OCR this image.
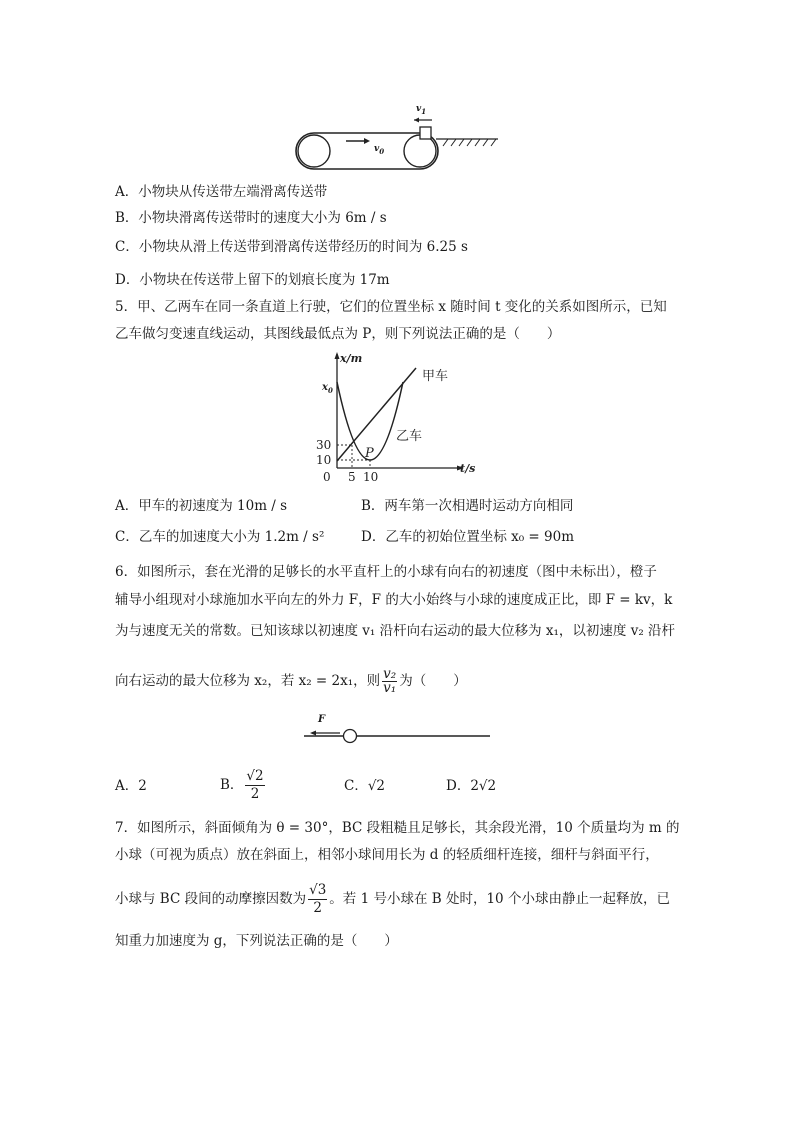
$v_1$
$v_0$
A．小物块从传送带左端滑离传送带
B．小物块滑离传送带时的速度大小为 6m / s
C．小物块从滑上传送带到滑离传送带经历的时间为 6.25 s
D．小物块在传送带上留下的划痕长度为 17m
5．甲、乙两车在同一条直道上行驶，它们的位置坐标 x 随时间 t 变化的关系如图所示，已知
乙车做匀变速直线运动，其图线最低点为 P，则下列说法正确的是（　　）
x/m
$x_0$
30
10
0 5 10
t/s
P
甲车
乙车
A．甲车的初速度为 10m / s	B．两车第一次相遇时运动方向相同
C．乙车的加速度大小为 1.2m / s²	D．乙车的初始位置坐标 x₀ = 90m
6．如图所示，套在光滑的足够长的水平直杆上的小球有向右的初速度（图中未标出），橙子
辅导小组现对小球施加水平向左的外力 F，F 的大小始终与小球的速度成正比，即 F = kv，k
为与速度无关的常数。已知该球以初速度 v₁ 沿杆向右运动的最大位移为 x₁，以初速度 v₂ 沿杆
向右运动的最大位移为 x₂，若 x₂ = 2x₁，则 $\frac{\text{v₂}}{\text{v₁}}$ 为（　　）
F
A．2	B． $\frac{√2}{2}$	C．√2	D．2√2
7．如图所示，斜面倾角为 θ = 30°，BC 段粗糙且足够长，其余段光滑，10 个质量均为 m 的
小球（可视为质点）放在斜面上，相邻小球间用长为 d 的轻质细杆连接，细杆与斜面平行，
小球与 BC 段间的动摩擦因数为 $\frac{√3}{2}$ 。若 1 号小球在 B 处时，10 个小球由静止一起释放，已
知重力加速度为 g，下列说法正确的是（　　）
